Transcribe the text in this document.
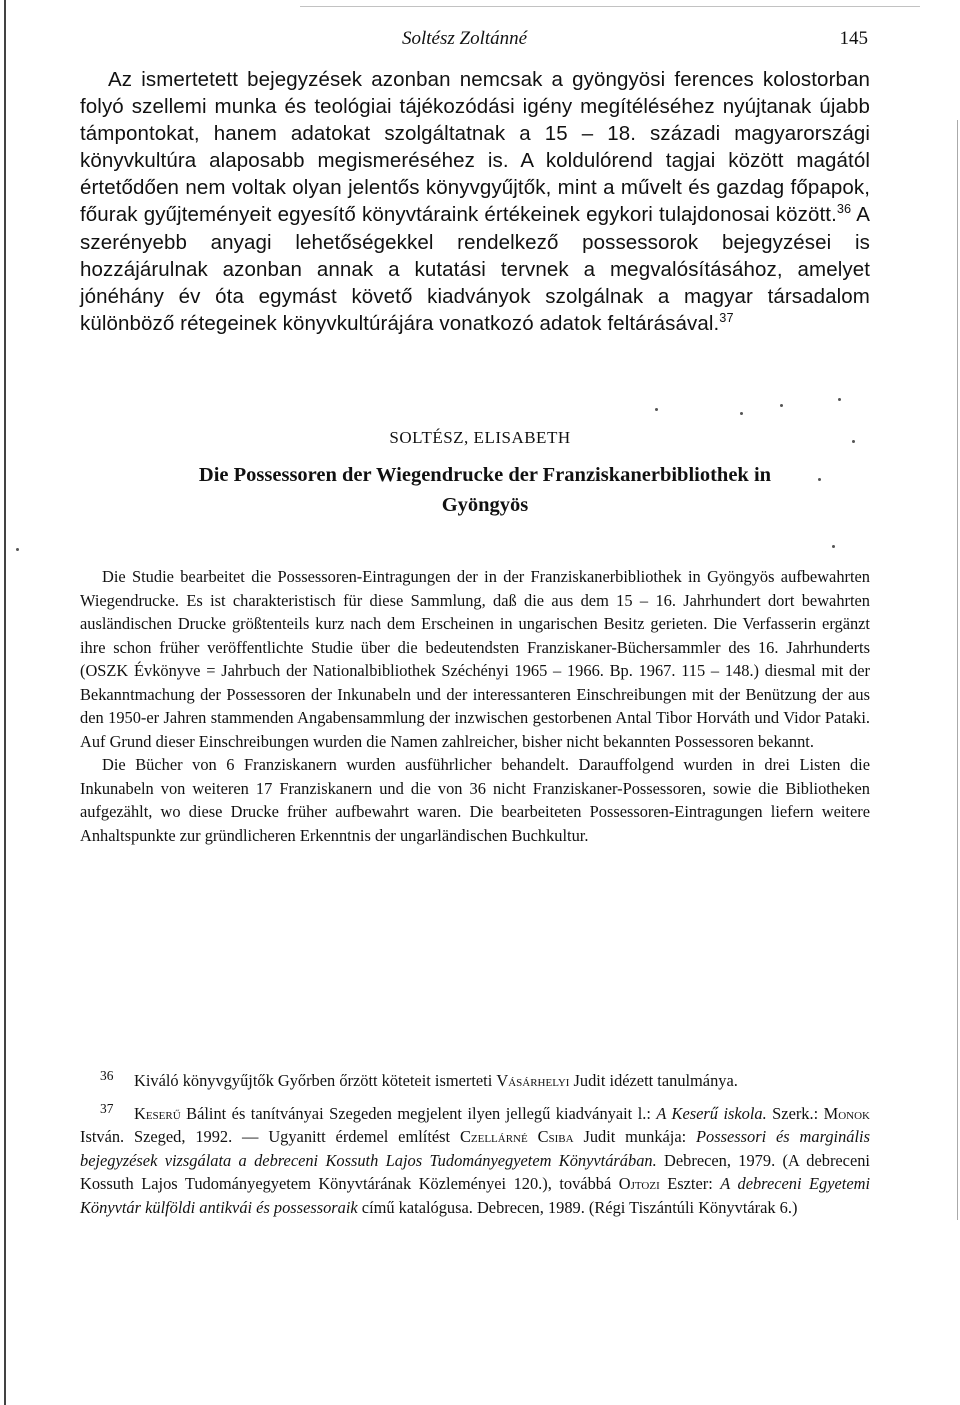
Soltész Zoltánné	145

Az ismertetett bejegyzések azonban nemcsak a gyöngyösi ferences kolostorban folyó szellemi munka és teológiai tájékozódási igény megítéléséhez nyújtanak újabb támpontokat, hanem adatokat szolgáltatnak a 15 – 18. századi magyarországi könyvkultúra alaposabb megismeréséhez is. A koldulórend tagjai között magától értetődően nem voltak olyan jelentős könyvgyűjtők, mint a művelt és gazdag főpapok, főurak gyűjteményeit egyesítő könyvtáraink értékeinek egykori tulajdonosai között.$^{36}$ A szerényebb anyagi lehetőségekkel rendelkező possessorok bejegyzései is hozzájárulnak azonban annak a kutatási tervnek a megvalósításához, amelyet jónéhány év óta egymást követő kiadványok szolgálnak a magyar társadalom különböző rétegeinek könyvkultúrájára vonatkozó adatok feltárásával.$^{37}$

SOLTÉSZ, ELISABETH
Die Possessoren der Wiegendrucke der Franziskanerbibliothek in
Gyöngyös

Die Studie bearbeitet die Possessoren-Eintragungen der in der Franziskanerbibliothek in Gyöngyös aufbewahrten Wiegendrucke. Es ist charakteristisch für diese Sammlung, daß die aus dem 15 – 16. Jahrhundert dort bewahrten ausländischen Drucke größtenteils kurz nach dem Erscheinen in ungarischen Besitz gerieten. Die Verfasserin ergänzt ihre schon früher veröffentlichte Studie über die bedeutendsten Franziskaner-Büchersammler des 16. Jahrhunderts (OSZK Évkönyve = Jahrbuch der Nationalbibliothek Széchényi 1965 – 1966. Bp. 1967. 115 – 148.) diesmal mit der Bekanntmachung der Possessoren der Inkunabeln und der interessanteren Einschreibungen mit der Benützung der aus den 1950-er Jahren stammenden Angabensammlung der inzwischen gestorbenen Antal Tibor Horváth und Vidor Pataki. Auf Grund dieser Einschreibungen wurden die Namen zahlreicher, bisher nicht bekannten Possessoren bekannt.

Die Bücher von 6 Franziskanern wurden ausführlicher behandelt. Darauffolgend wurden in drei Listen die Inkunabeln von weiteren 17 Franziskanern und die von 36 nicht Franziskaner-Possessoren, sowie die Bibliotheken aufgezählt, wo diese Drucke früher aufbewahrt waren. Die bearbeiteten Possessoren-Eintragungen liefern weitere Anhaltspunkte zur gründlicheren Erkenntnis der ungarländischen Buchkultur.

36 Kiváló könyvgyűjtők Győrben őrzött köteteit ismerteti Vásárhelyi Judit idézett tanulmánya.

37 Keserű Bálint és tanítványai Szegeden megjelent ilyen jellegű kiadványait l.: A Keserű iskola. Szerk.: Monok István. Szeged, 1992. — Ugyanitt érdemel említést Czellárné Csiba Judit munkája: Possessori és marginális bejegyzések vizsgálata a debreceni Kossuth Lajos Tudományegyetem Könyvtárában. Debrecen, 1979. (A debreceni Kossuth Lajos Tudományegyetem Könyvtárának Közleményei 120.), továbbá Ojtozi Eszter: A debreceni Egyetemi Könyvtár külföldi antikvái és possessoraik című katalógusa. Debrecen, 1989. (Régi Tiszántúli Könyvtárak 6.)
